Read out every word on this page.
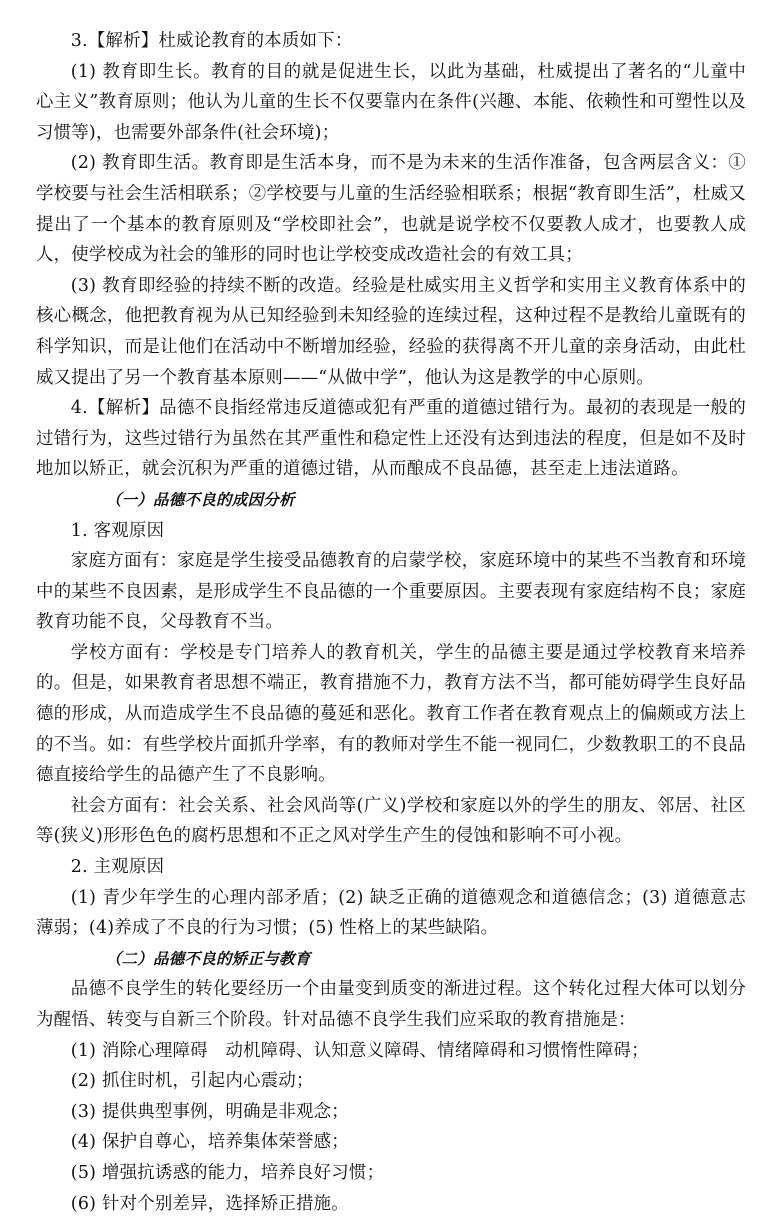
3.【解析】杜威论教育的本质如下：

(1) 教育即生长。教育的目的就是促进生长，以此为基础，杜威提出了著名的“儿童中心主义”教育原则；他认为儿童的生长不仅要靠内在条件(兴趣、本能、依赖性和可塑性以及习惯等)，也需要外部条件(社会环境)；

(2) 教育即生活。教育即是生活本身，而不是为未来的生活作准备，包含两层含义：①学校要与社会生活相联系；②学校要与儿童的生活经验相联系；根据“教育即生活”，杜威又提出了一个基本的教育原则及“学校即社会”，也就是说学校不仅要教人成才，也要教人成人，使学校成为社会的雏形的同时也让学校变成改造社会的有效工具；

(3) 教育即经验的持续不断的改造。经验是杜威实用主义哲学和实用主义教育体系中的核心概念，他把教育视为从已知经验到未知经验的连续过程，这种过程不是教给儿童既有的科学知识，而是让他们在活动中不断增加经验，经验的获得离不开儿童的亲身活动，由此杜威又提出了另一个教育基本原则——“从做中学”，他认为这是教学的中心原则。

4.【解析】品德不良指经常违反道德或犯有严重的道德过错行为。最初的表现是一般的过错行为，这些过错行为虽然在其严重性和稳定性上还没有达到违法的程度，但是如不及时地加以矫正，就会沉积为严重的道德过错，从而酿成不良品德，甚至走上违法道路。

（一）品德不良的成因分析

1. 客观原因

家庭方面有：家庭是学生接受品德教育的启蒙学校，家庭环境中的某些不当教育和环境中的某些不良因素，是形成学生不良品德的一个重要原因。主要表现有家庭结构不良；家庭教育功能不良，父母教育不当。

学校方面有：学校是专门培养人的教育机关，学生的品德主要是通过学校教育来培养的。但是，如果教育者思想不端正，教育措施不力，教育方法不当，都可能妨碍学生良好品德的形成，从而造成学生不良品德的蔓延和恶化。教育工作者在教育观点上的偏颇或方法上的不当。如：有些学校片面抓升学率，有的教师对学生不能一视同仁，少数教职工的不良品德直接给学生的品德产生了不良影响。

社会方面有：社会关系、社会风尚等(广义)学校和家庭以外的学生的朋友、邻居、社区等(狭义)形形色色的腐朽思想和不正之风对学生产生的侵蚀和影响不可小视。

2. 主观原因

(1) 青少年学生的心理内部矛盾；(2) 缺乏正确的道德观念和道德信念；(3) 道德意志薄弱；(4)养成了不良的行为习惯；(5) 性格上的某些缺陷。

（二）品德不良的矫正与教育

品德不良学生的转化要经历一个由量变到质变的渐进过程。这个转化过程大体可以划分为醒悟、转变与自新三个阶段。针对品德不良学生我们应采取的教育措施是：

(1) 消除心理障碍　动机障碍、认知意义障碍、情绪障碍和习惯惰性障碍；

(2) 抓住时机，引起内心震动；

(3) 提供典型事例，明确是非观念；

(4) 保护自尊心，培养集体荣誉感；

(5) 增强抗诱惑的能力，培养良好习惯；

(6) 针对个别差异，选择矫正措施。
